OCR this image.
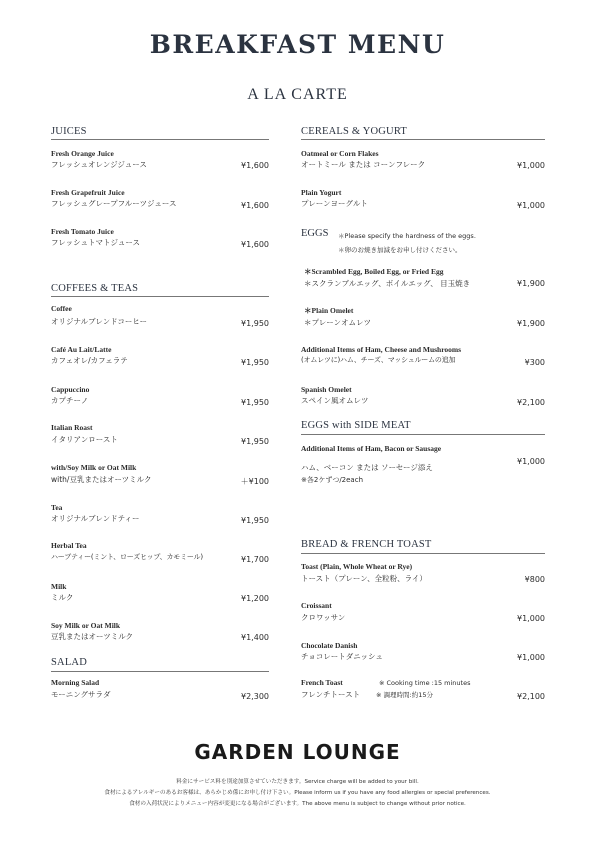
BREAKFAST MENU
A LA CARTE
JUICES
Fresh Orange Juice
フレッシュオレンジジュース	¥1,600
Fresh Grapefruit Juice
フレッシュグレープフルーツジュース	¥1,600
Fresh Tomato Juice
フレッシュトマトジュース	¥1,600
COFFEES & TEAS
Coffee
オリジナルブレンドコーヒー	¥1,950
Café Au Lait/Latte
カフェオレ/カフェラテ	¥1,950
Cappuccino
カプチーノ	¥1,950
Italian Roast
イタリアンロースト	¥1,950
with/Soy Milk or Oat Milk
with/豆乳またはオーツミルク	＋¥100
Tea
オリジナルブレンドティー	¥1,950
Herbal Tea
ハーブティー(ミント、ローズヒップ、カモミール)	¥1,700
Milk
ミルク	¥1,200
Soy Milk or Oat Milk
豆乳またはオーツミルク	¥1,400
SALAD
Morning Salad
モーニングサラダ	¥2,300
CEREALS & YOGURT
Oatmeal or Corn Flakes
オートミール または コーンフレーク	¥1,000
Plain Yogurt
プレーンヨーグルト	¥1,000
EGGS ＊Please specify the hardness of the eggs.
＊卵のお焼き加減をお申し付けください。
＊Scrambled Egg, Boiled Egg, or Fried Egg
＊スクランブルエッグ、ボイルエッグ、 目玉焼き	¥1,900
＊Plain Omelet
＊プレーンオムレツ	¥1,900
Additional Items of Ham, Cheese and Mushrooms
(オムレツに)ハム、チーズ、マッシュルームの追加	¥300
Spanish Omelet
スペイン風オムレツ	¥2,100
EGGS with SIDE MEAT
Additional Items of Ham, Bacon or Sausage
¥1,000
ハム、ベーコン または ソーセージ添え
※各2ケずつ/2each
BREAD & FRENCH TOAST
Toast (Plain, Whole Wheat or Rye)
トースト（プレーン、全粒粉、ライ）	¥800
Croissant
クロワッサン	¥1,000
Chocolate Danish
チョコレートダニッシュ	¥1,000
French Toast	※ Cooking time :15 minutes
フレンチトースト ※ 調理時間:約15分	¥2,100
GARDEN LOUNGE
料金にサービス料を別途加算させていただきます。Service charge will be added to your bill.
食材によるアレルギーのあるお客様は、あらかじめ係にお申し付け下さい。Please inform us if you have any food allergies or special preferences.
食材の入荷状況によりメニュー内容が変更になる場合がございます。The above menu is subject to change without prior notice.
